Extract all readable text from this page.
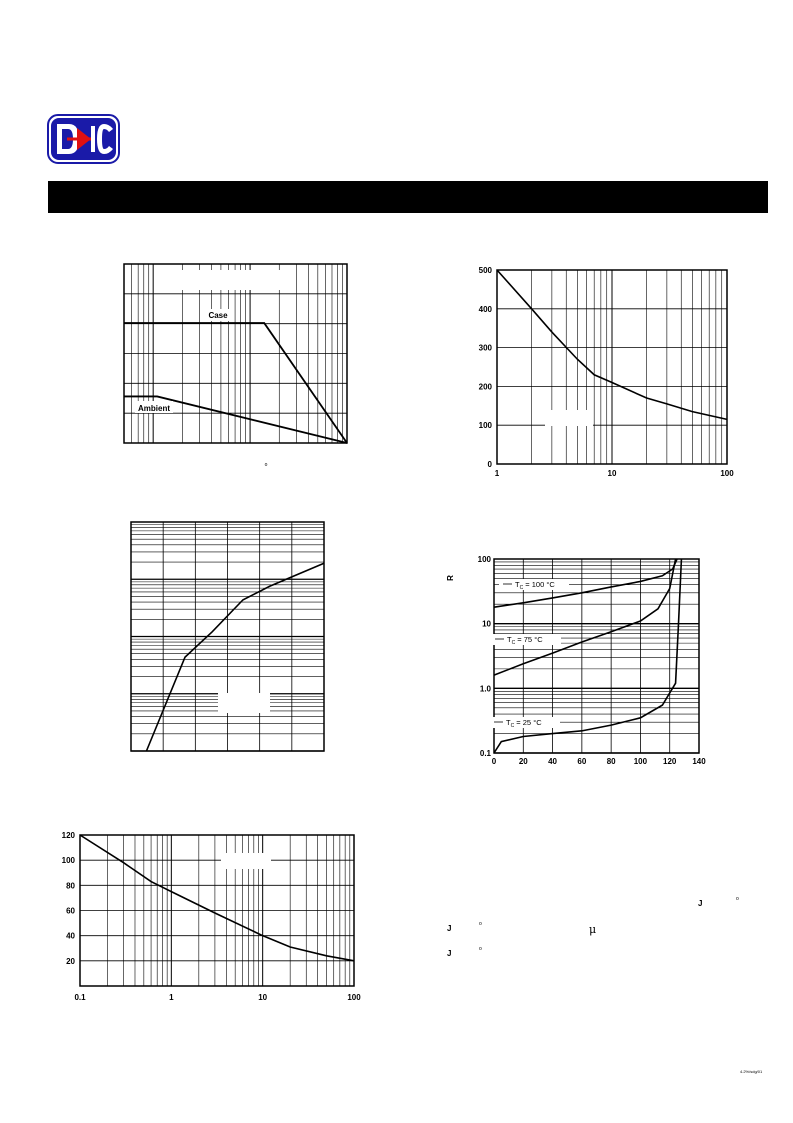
Case
Ambient
o
500
400
300
200
100
0
1	10	100
$T_C = 100$ °C
$T_C = 75$ °C
$T_C = 25$ °C
100
10
1.0
0.1
0	20	40	60	80 100 120 140
R
120
100
80
60
40
20
0.1	1	10	100
J	o
J	o	μ
J	o
4.2%/sdg/01
